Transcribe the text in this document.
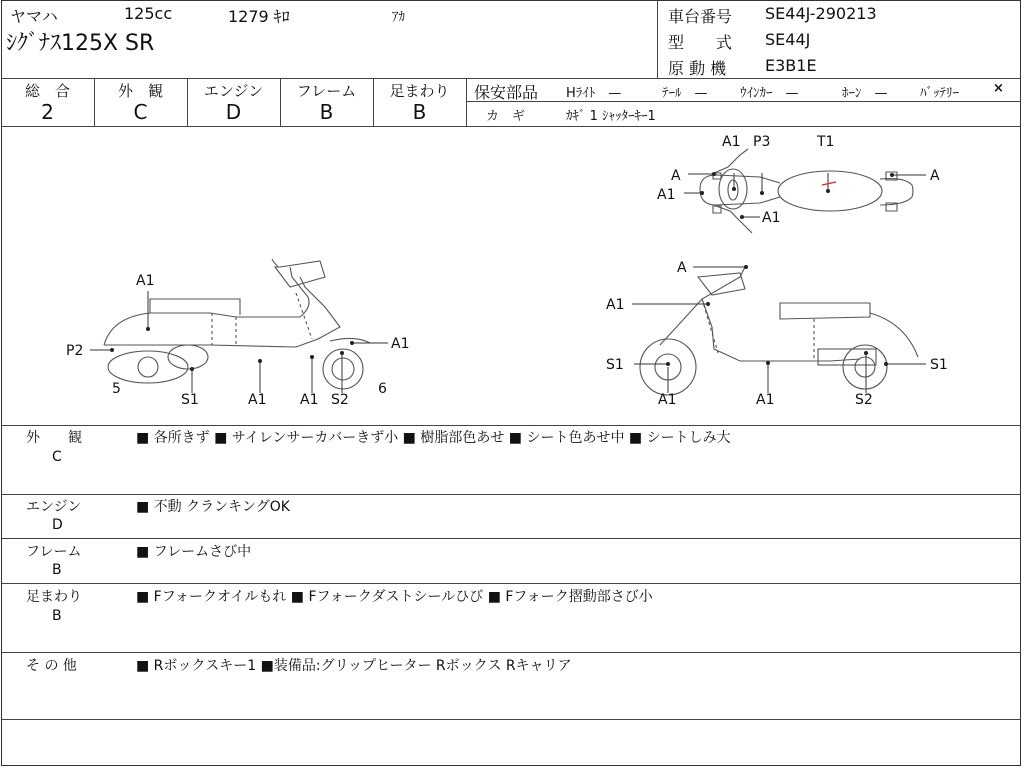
ヤマハ	125cc	1279 ｷﾛ	ｱｶ
ｼｸﾞﾅｽ125X SR
車台番号 SE44J-290213
型　　式 SE44J
原 動 機 E3B1E
総　合
2
外　観
C
エンジン
D
フレーム
B
足まわり
B
保安部品 Hﾗｲﾄ　—	ﾃｰﾙ　— ｳｲﾝｶｰ　—	ﾎｰﾝ　— ﾊﾞｯﾃﾘｰ	×
カ　ギ	ｶｷﾞ 1 ｼｬｯﾀｰｷｰ1
A1 P3	T1
A
A1
A1
A
A1
P2
5
S1	A1 A1 S2
6
A1
A
A1
S1
A1	A1	S2
S1
外　　観
C
■ 各所きず ■ サイレンサーカバーきず小 ■ 樹脂部色あせ ■ シート色あせ中 ■ シートしみ大
エンジン
D
■ 不動 クランキングOK
フレーム
B
■ フレームさび中
足まわり
B
■ Fフォークオイルもれ ■ Fフォークダストシールひび ■ Fフォーク摺動部さび小
そ の 他	■ Rボックスキー1 ■装備品:グリップヒーター Rボックス Rキャリア
